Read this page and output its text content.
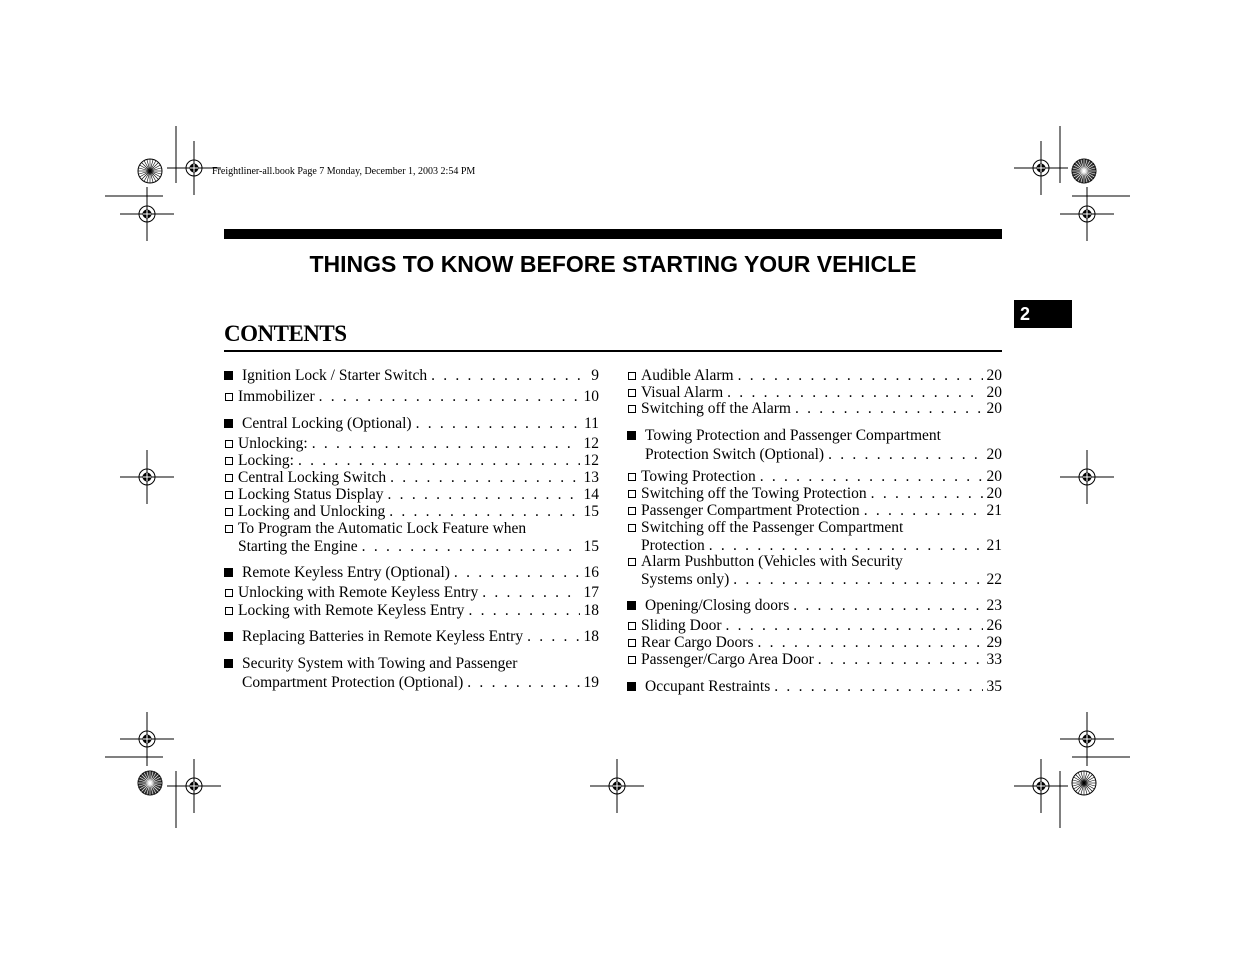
Freightliner-all.book Page 7 Monday, December 1, 2003 2:54 PM
THINGS TO KNOW BEFORE STARTING YOUR VEHICLE
2
CONTENTS
Ignition Lock / Starter Switch . . .	9
Immobilizer . . .	10
Central Locking (Optional) . . .	11
Unlocking: . . .	12
Locking: . . .	12
Central Locking Switch . . .	13
Locking Status Display . . .	14
Locking and Unlocking . . .	15
To Program the Automatic Lock Feature when
Starting the Engine . . .	15
Remote Keyless Entry (Optional) . . .	16
Unlocking with Remote Keyless Entry . . .	17
Locking with Remote Keyless Entry . . .	18
Replacing Batteries in Remote Keyless Entry . . .	18
Security System with Towing and Passenger
Compartment Protection (Optional) . . .	19
Audible Alarm . . .	20
Visual Alarm . . .	20
Switching off the Alarm . . .	20
Towing Protection and Passenger Compartment
Protection Switch (Optional) . . .	20
Towing Protection . . .	20
Switching off the Towing Protection . . .	20
Passenger Compartment Protection . . .	21
Switching off the Passenger Compartment
Protection . . .	21
Alarm Pushbutton (Vehicles with Security
Systems only) . . .	22
Opening/Closing doors . . .	23
Sliding Door . . .	26
Rear Cargo Doors . . .	29
Passenger/Cargo Area Door . . .	33
Occupant Restraints . . .	35
